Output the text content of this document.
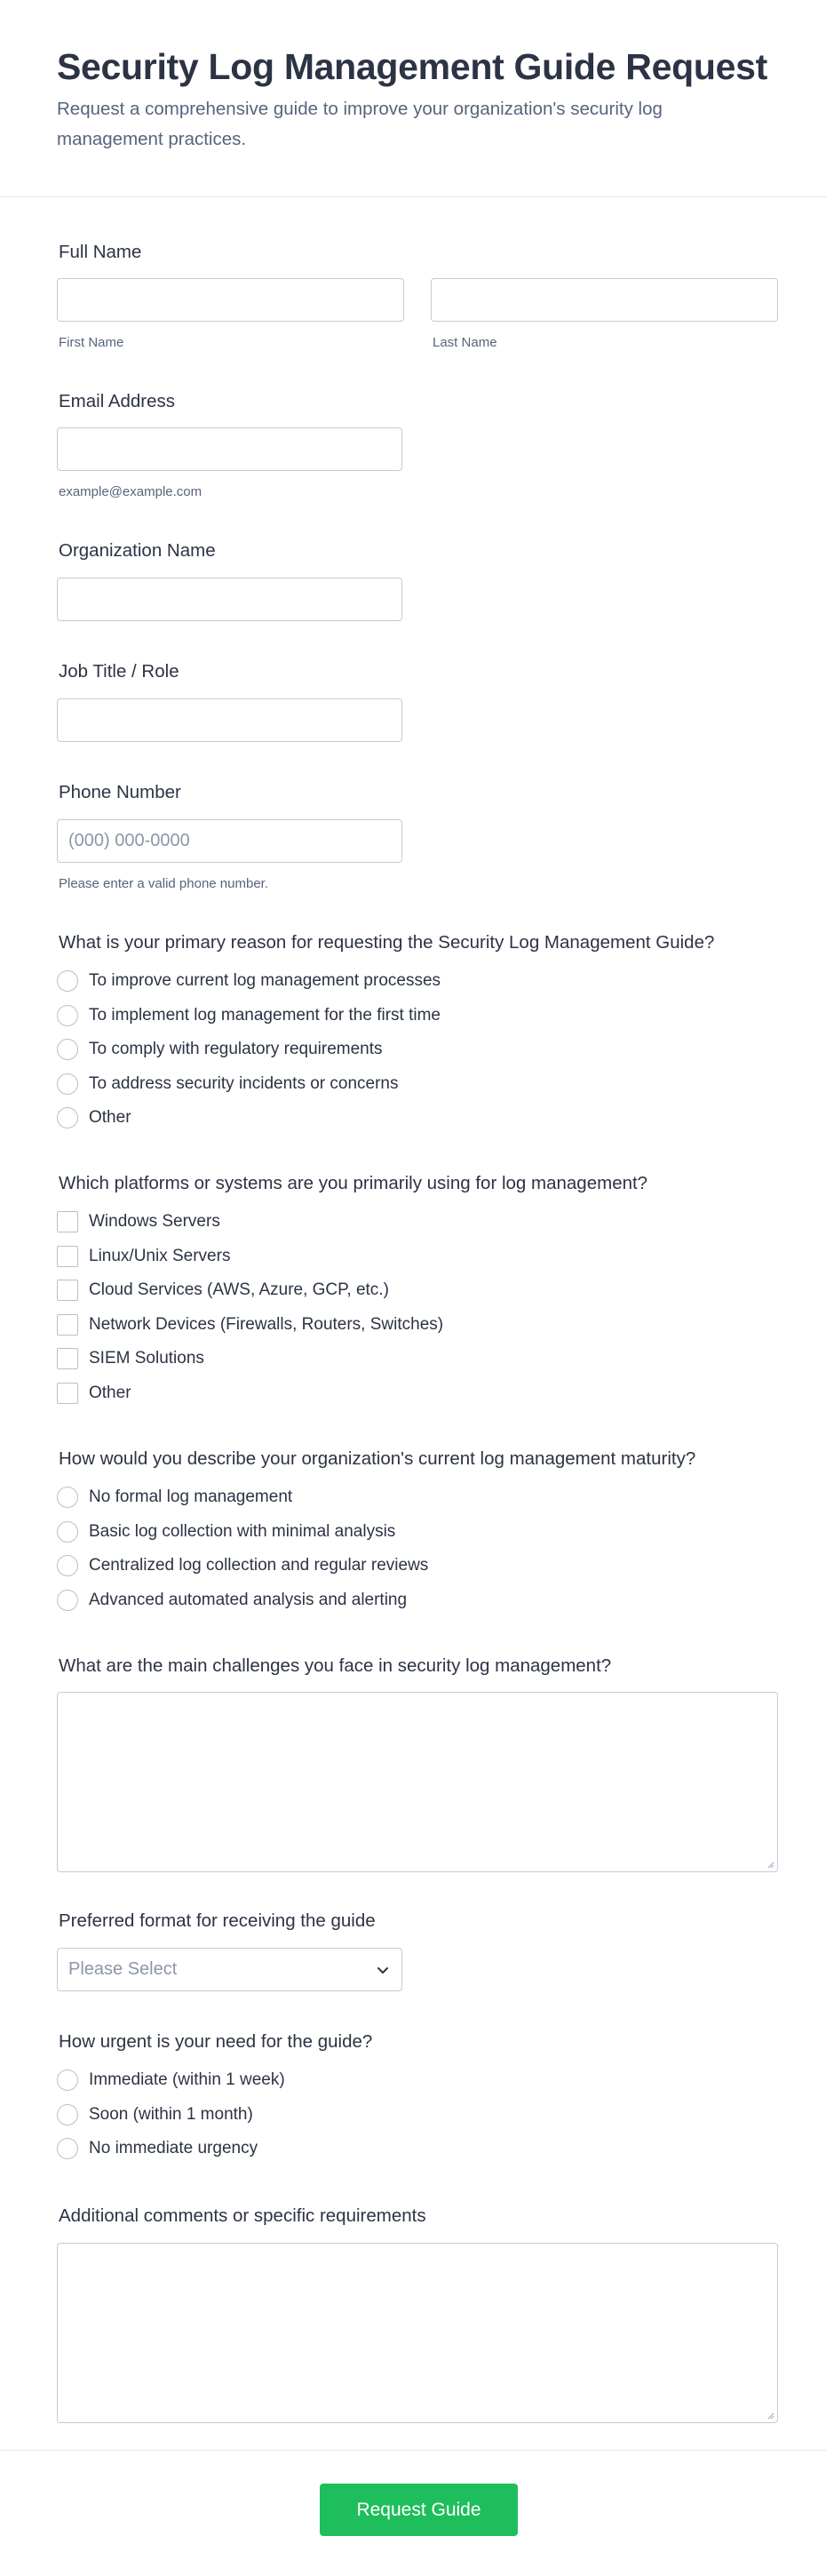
Security Log Management Guide Request

Request a comprehensive guide to improve your organization's security log management practices.

Full Name
First Name	Last Name
Email Address
example@example.com
Organization Name
Job Title / Role
Phone Number
(000) 000-0000
Please enter a valid phone number.
What is your primary reason for requesting the Security Log Management Guide?
To improve current log management processes
To implement log management for the first time
To comply with regulatory requirements
To address security incidents or concerns
Other
Which platforms or systems are you primarily using for log management?
Windows Servers
Linux/Unix Servers
Cloud Services (AWS, Azure, GCP, etc.)
Network Devices (Firewalls, Routers, Switches)
SIEM Solutions
Other
How would you describe your organization's current log management maturity?
No formal log management
Basic log collection with minimal analysis
Centralized log collection and regular reviews
Advanced automated analysis and alerting
What are the main challenges you face in security log management?
Preferred format for receiving the guide
Please Select
How urgent is your need for the guide?
Immediate (within 1 week)
Soon (within 1 month)
No immediate urgency
Additional comments or specific requirements
Request Guide
